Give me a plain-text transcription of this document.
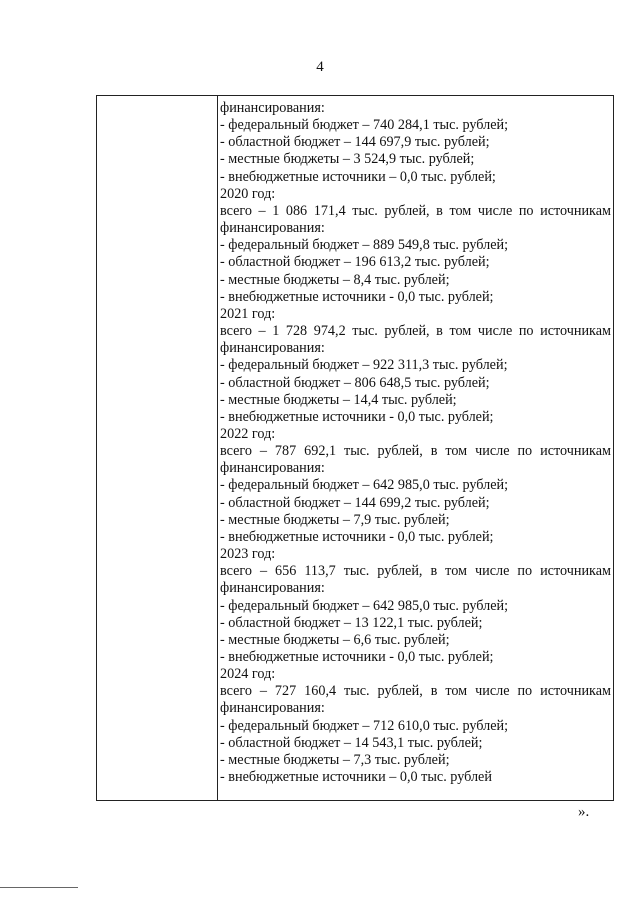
4
финансирования:
- федеральный бюджет – 740 284,1 тыс. рублей;
- областной бюджет – 144 697,9 тыс. рублей;
- местные бюджеты – 3 524,9 тыс. рублей;
- внебюджетные источники – 0,0 тыс. рублей;
2020 год:
всего – 1 086 171,4 тыс. рублей, в том числе по источникам
финансирования:
- федеральный бюджет – 889 549,8 тыс. рублей;
- областной бюджет – 196 613,2 тыс. рублей;
- местные бюджеты – 8,4 тыс. рублей;
- внебюджетные источники - 0,0 тыс. рублей;
2021 год:
всего – 1 728 974,2 тыс. рублей, в том числе по источникам
финансирования:
- федеральный бюджет – 922 311,3 тыс. рублей;
- областной бюджет – 806 648,5 тыс. рублей;
- местные бюджеты – 14,4 тыс. рублей;
- внебюджетные источники - 0,0 тыс. рублей;
2022 год:
всего – 787 692,1 тыс. рублей, в том числе по источникам
финансирования:
- федеральный бюджет – 642 985,0 тыс. рублей;
- областной бюджет – 144 699,2 тыс. рублей;
- местные бюджеты – 7,9 тыс. рублей;
- внебюджетные источники - 0,0 тыс. рублей;
2023 год:
всего – 656 113,7 тыс. рублей, в том числе по источникам
финансирования:
- федеральный бюджет – 642 985,0 тыс. рублей;
- областной бюджет – 13 122,1 тыс. рублей;
- местные бюджеты – 6,6 тыс. рублей;
- внебюджетные источники - 0,0 тыс. рублей;
2024 год:
всего – 727 160,4 тыс. рублей, в том числе по источникам
финансирования:
- федеральный бюджет – 712 610,0 тыс. рублей;
- областной бюджет – 14 543,1 тыс. рублей;
- местные бюджеты – 7,3 тыс. рублей;
- внебюджетные источники – 0,0 тыс. рублей
».
